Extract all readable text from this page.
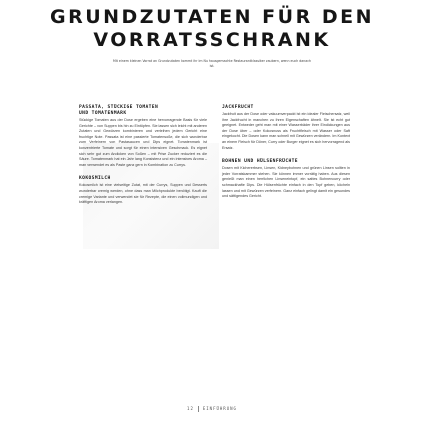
GRUNDZUTATEN FÜR DEN
VORRATSSCHRANK
Mit einem kleinen Vorrat an Grundzutaten kommt ihr im Nu hausgemachte Restaurantklassiker zaubern, wenn euch danach ist.
PASSATA, STÜCKIGE TOMATEN
UND TOMATENMARK
Stückige Tomaten aus der Dose ergeben eine hervorragende Basis für viele Gerichte – von Suppen bis hin zu Eintöpfen. Sie lassen sich leicht mit anderen Zutaten und Gewürzen kombinieren und verleihen jedem Gericht eine fruchtige Note. Passata ist eine passierte Tomatensoße, die sich wunderbar zum Verfeinern von Pastasaucen und Dips eignet. Tomatenmark ist konzentrierte Tomate und sorgt für einen intensiven Geschmack. Es eignet sich sehr gut zum Andicken von Soßen – mit Prise Zucker reduziert es die Säure. Tomatenmark hat ein Jahr lang Konsistenz und ein intensives Aroma – man verwendet es als Paste ganz gern in Kombination zu Currys.
KOKOSMILCH
Kokosmilch ist eine vielseitige Zutat, mit der Currys, Suppen und Desserts wunderbar cremig werden, ohne dass man Milchprodukte benötigt. Kauft die cremige Variante und verwendet sie für Rezepte, die einen vollmundigen und kräftigen Aroma verlangen.
JACKFRUCHT
Jackfruit aus der Dose oder vakuumverpackt ist ein idealer Fleischersatz, weil ihre Jackfrucht in manchen zu ihren Eigenschaften ähnelt. Sie ist echt gut geeignet. Entweder geht man mit einer Wasserbäder ihrer Eindickungen aus der Dose über – oder Kokosnuss als Fruchtfleisch mit Wasser oder Saft eingekocht. Die Dosen kann man schnell mit Gewürzen verändern. Im Kontext an einem Fleisch für Döner, Curry oder Burger eignet es sich hervorragend als Ersatz.
BOHNEN UND HÜLSENFRÜCHTE
Dosen mit Kichererbsen, Linsen, Kidneybohnen und grünen Linsen sollten in jeder Vorratskammer stehen. Sie können immer vorrätig haben. Aus diesen genießt man einen herrlichen Linseneintopf, ein sattes Bohnencurry oder schmackhafte Dips. Die Hülsenfrüchte einfach in den Topf geben, köcheln lassen und mit Gewürzen verfeinern. Ganz einfach gelingt damit ein gesundes und sättigendes Gericht.
12 EINFÜHRUNG
